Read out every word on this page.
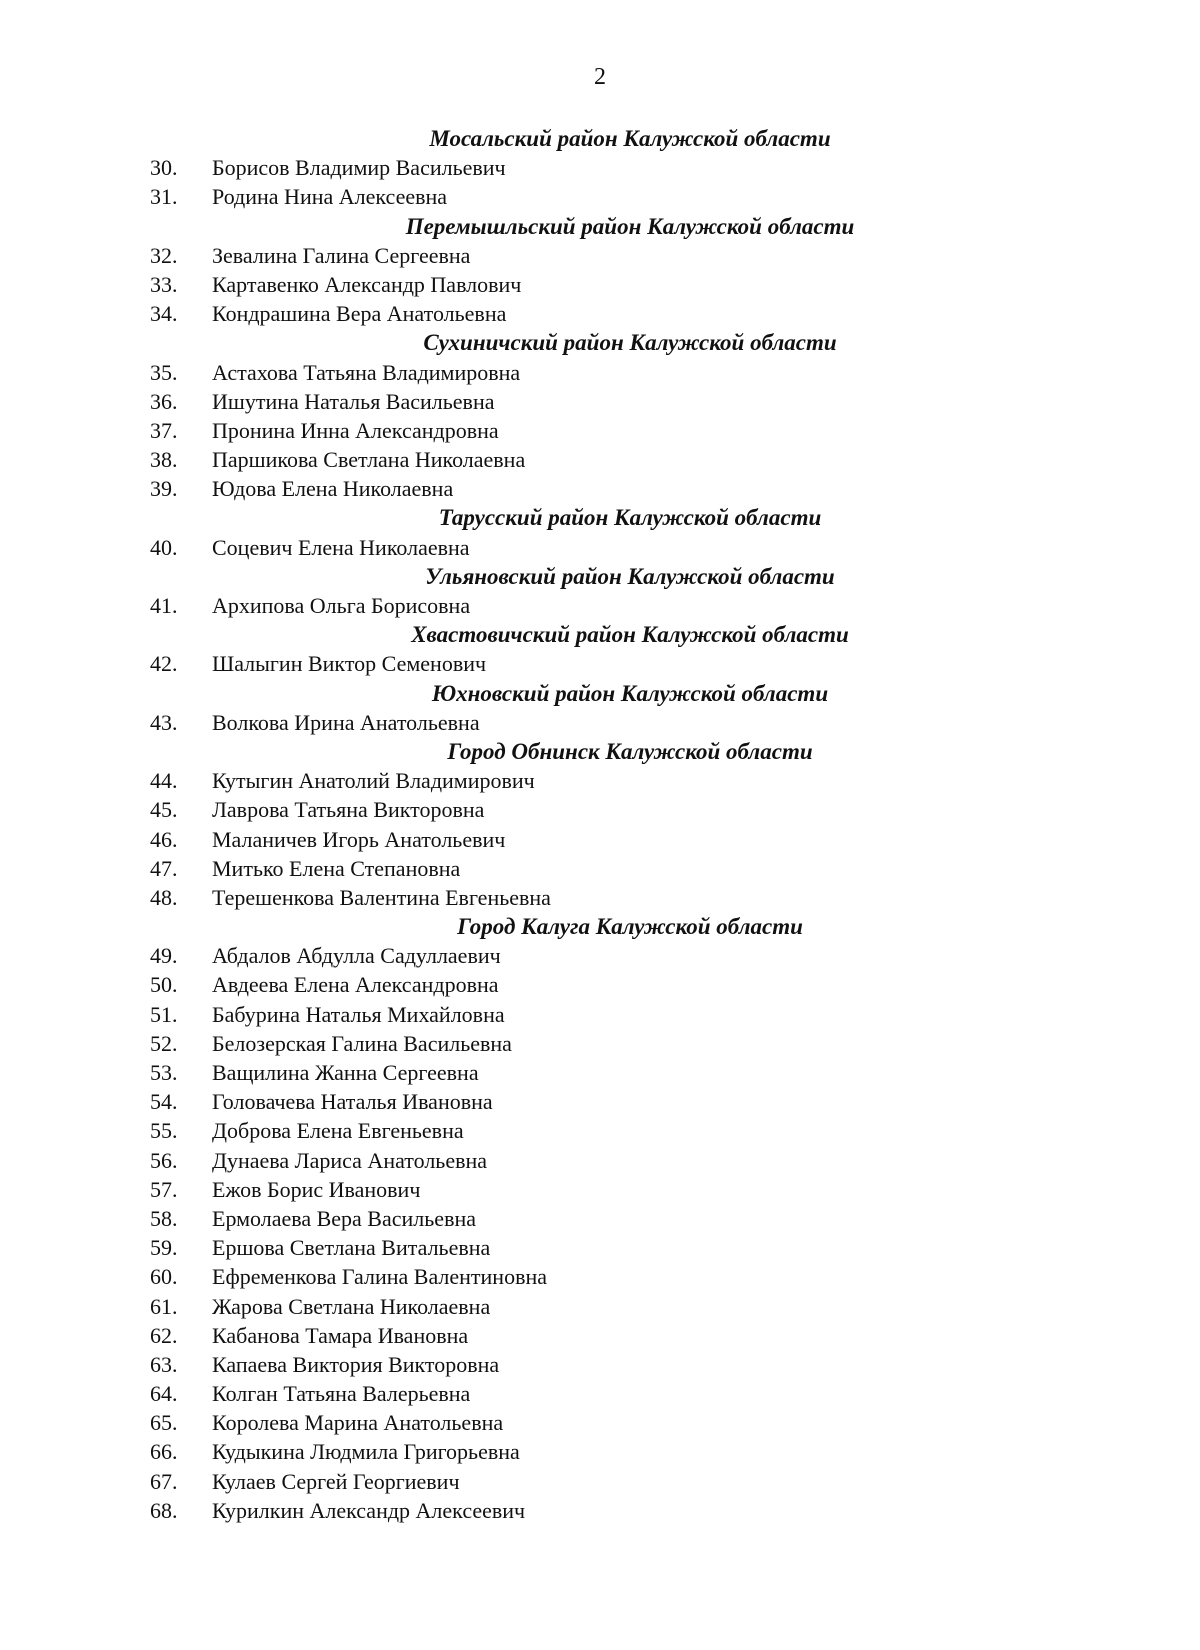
2
Мосальский район Калужской области
30. Борисов Владимир Васильевич
31. Родина Нина Алексеевна
Перемышльский район Калужской области
32. Зевалина Галина Сергеевна
33. Картавенко Александр Павлович
34. Кондрашина Вера Анатольевна
Сухиничский район Калужской области
35. Астахова Татьяна Владимировна
36. Ишутина Наталья Васильевна
37. Пронина Инна Александровна
38. Паршикова Светлана Николаевна
39. Юдова Елена Николаевна
Тарусский район Калужской области
40. Соцевич Елена Николаевна
Ульяновский район Калужской области
41. Архипова Ольга Борисовна
Хвастовичский район Калужской области
42. Шалыгин Виктор Семенович
Юхновский район Калужской области
43. Волкова Ирина Анатольевна
Город Обнинск Калужской области
44. Кутыгин Анатолий Владимирович
45. Лаврова Татьяна Викторовна
46. Маланичев Игорь Анатольевич
47. Митько Елена Степановна
48. Терешенкова Валентина Евгеньевна
Город Калуга Калужской области
49. Абдалов Абдулла Садуллаевич
50. Авдеева Елена Александровна
51. Бабурина Наталья Михайловна
52. Белозерская Галина Васильевна
53. Ващилина Жанна Сергеевна
54. Головачева Наталья Ивановна
55. Доброва Елена Евгеньевна
56. Дунаева Лариса Анатольевна
57. Ежов Борис Иванович
58. Ермолаева Вера Васильевна
59. Ершова Светлана Витальевна
60. Ефременкова Галина Валентиновна
61. Жарова Светлана Николаевна
62. Кабанова Тамара Ивановна
63. Капаева Виктория Викторовна
64. Колган Татьяна Валерьевна
65. Королева Марина Анатольевна
66. Кудыкина Людмила Григорьевна
67. Кулаев Сергей Георгиевич
68. Курилкин Александр Алексеевич
